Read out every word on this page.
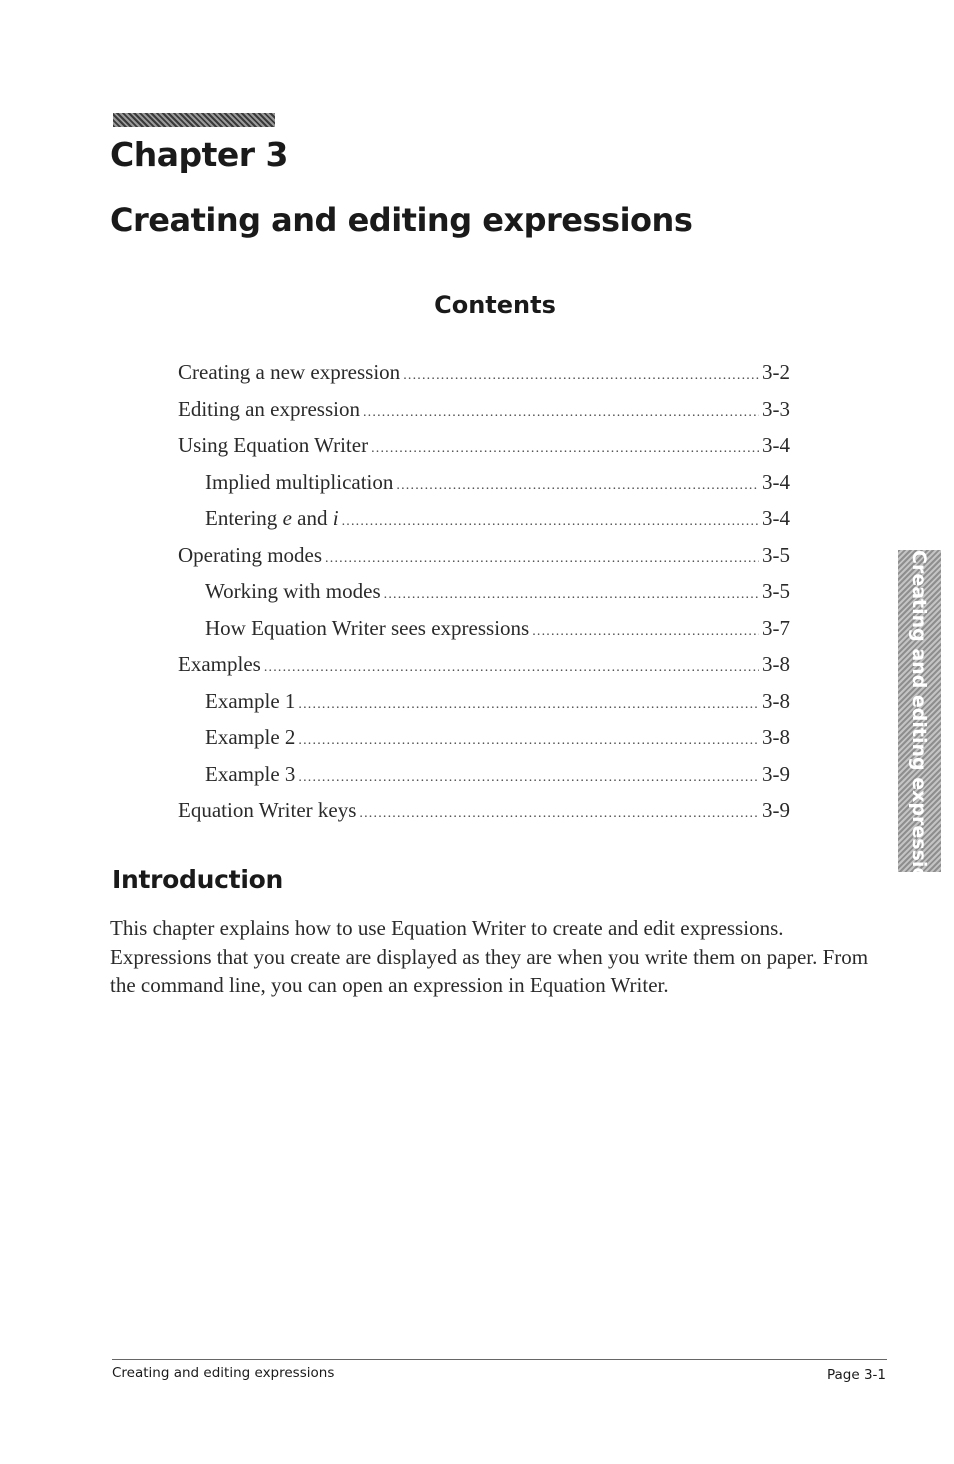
Chapter 3
Creating and editing expressions
Contents
Creating a new expression .....	3-2
Editing an expression .....	3-3
Using Equation Writer .....	3-4
Implied multiplication .....	3-4
Entering e and i .....	3-4
Operating modes .....	3-5
Working with modes .....	3-5
How Equation Writer sees expressions .....	3-7
Examples .....	3-8
Example 1 .....	3-8
Example 2 .....	3-8
Example 3 .....	3-9
Equation Writer keys .....	3-9	Creating and editing expressions
Introduction

This chapter explains how to use Equation Writer to create and edit expressions. Expressions that you create are displayed as they are when you write them on paper. From the command line, you can open an expression in Equation Writer.

Creating and editing expressions	Page 3-1
